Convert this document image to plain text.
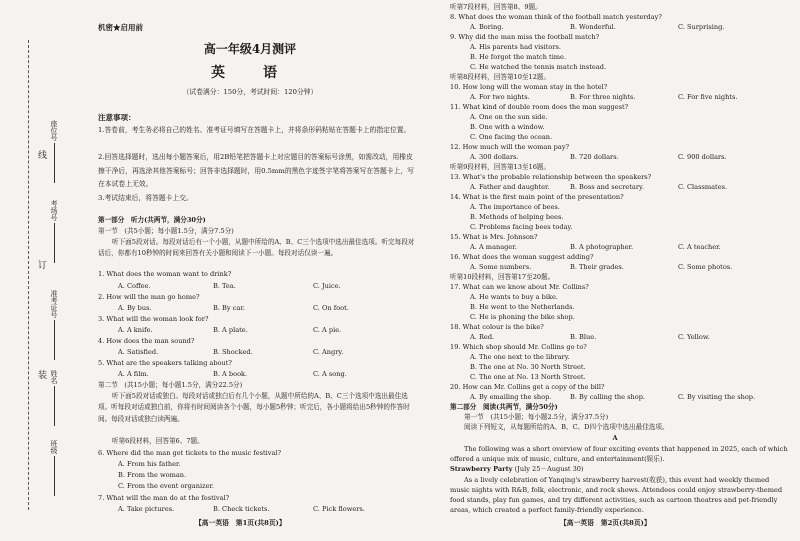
线
订
装
座位号
考场号
准考证号
姓名
班级
机密★启用前
高一年级4月测评
英　语
（试卷满分：150分，考试时间：120分钟）
注意事项：
1.答卷前，考生务必将自己的姓名、准考证号填写在答题卡上，并将条形码粘贴在答题卡上的指定位置。
2.回答选择题时，选出每小题答案后，用2B铅笔把答题卡上对应题目的答案标号涂黑，如需改动，用橡皮擦干净后，再选涂其他答案标号；回答非选择题时，用0.5mm的黑色字迹签字笔将答案写在答题卡上，写在本试卷上无效。
3.考试结束后，将答题卡上交。
第一部分　听力(共两节，满分30分)
第一节　(共5小题；每小题1.5分，满分7.5分)
听下面5段对话。每段对话后有一个小题，从题中所给的A、B、C三个选项中选出最佳选项。听完每段对话后，你都有10秒钟的时间来回答有关小题和阅读下一小题。每段对话仅读一遍。
1. What does the woman want to drink?
A. Coffee.	B. Tea.	C. Juice.
2. How will the man go home?
A. By bus.	B. By car.	C. On foot.
3. What will the woman look for?
A. A knife.	B. A plate.	C. A pie.
4. How does the man sound?
A. Satisfied.	B. Shocked.	C. Angry.
5. What are the speakers talking about?
A. A film.	B. A book.	C. A song.
第二节　(共15小题；每小题1.5分，满分22.5分)
听下面5段对话或独白。每段对话或独白后有几个小题，从题中所给的A、B、C三个选项中选出最佳选项。听每段对话或独白前，你将有时间阅读各个小题，每小题5秒钟；听完后，各小题将给出5秒钟的作答时间。每段对话或独白读两遍。
听第6段材料，回答第6、7题。
6. Where did the man get tickets to the music festival?
A. From his father.
B. From the woman.
C. From the event organizer.
7. What will the man do at the festival?
A. Take pictures.	B. Check tickets.	C. Pick flowers.
【高一英语　第1页(共8页)】
听第7段材料，回答第8、9题。
8. What does the woman think of the football match yesterday?
A. Boring.	B. Wonderful.	C. Surprising.
9. Why did the man miss the football match?
A. His parents had visitors.
B. He forgot the match time.
C. He watched the tennis match instead.
听第8段材料，回答第10至12题。
10. How long will the woman stay in the hotel?
A. For two nights.	B. For three nights.	C. For five nights.
11. What kind of double room does the man suggest?
A. One on the sun side.
B. One with a window.
C. One facing the ocean.
12. How much will the woman pay?
A. 300 dollars.	B. 720 dollars.	C. 900 dollars.
听第9段材料，回答第13至16题。
13. What's the probable relationship between the speakers?
A. Father and daughter.	B. Boss and secretary.	C. Classmates.
14. What is the first main point of the presentation?
A. The importance of bees.
B. Methods of helping bees.
C. Problems facing bees today.
15. What is Mrs. Johnson?
A. A manager.	B. A photographer.	C. A teacher.
16. What does the woman suggest adding?
A. Some numbers.	B. Their grades.	C. Some photos.
听第10段材料，回答第17至20题。
17. What can we know about Mr. Collins?
A. He wants to buy a bike.
B. He went to the Netherlands.
C. He is phoning the bike shop.
18. What colour is the bike?
A. Red.	B. Blue.	C. Yellow.
19. Which shop should Mr. Collins go to?
A. The one next to the library.
B. The one at No. 30 North Street.
C. The one at No. 13 North Street.
20. How can Mr. Collins get a copy of the bill?
A. By emailing the shop.	B. By calling the shop.	C. By visiting the shop.
第二部分　阅读(共两节，满分50分)
第一节　(共15小题；每小题2.5分，满分37.5分)
阅读下列短文，从每题所给的A、B、C、D四个选项中选出最佳选项。
A
The following was a short overview of four exciting events that happened in 2025, each of which offered a unique mix of music, culture, and entertainment(娱乐).
Strawberry Party (July 25－August 30)
As a lively celebration of Yanqing's strawberry harvest(收获), this event had weekly themed music nights with R&B, folk, electronic, and rock shows. Attendees could enjoy strawberry-themed food stands, play fun games, and try different activities, such as cartoon theatres and pet-friendly areas, which created a perfect family-friendly experience.
【高一英语　第2页(共8页)】
